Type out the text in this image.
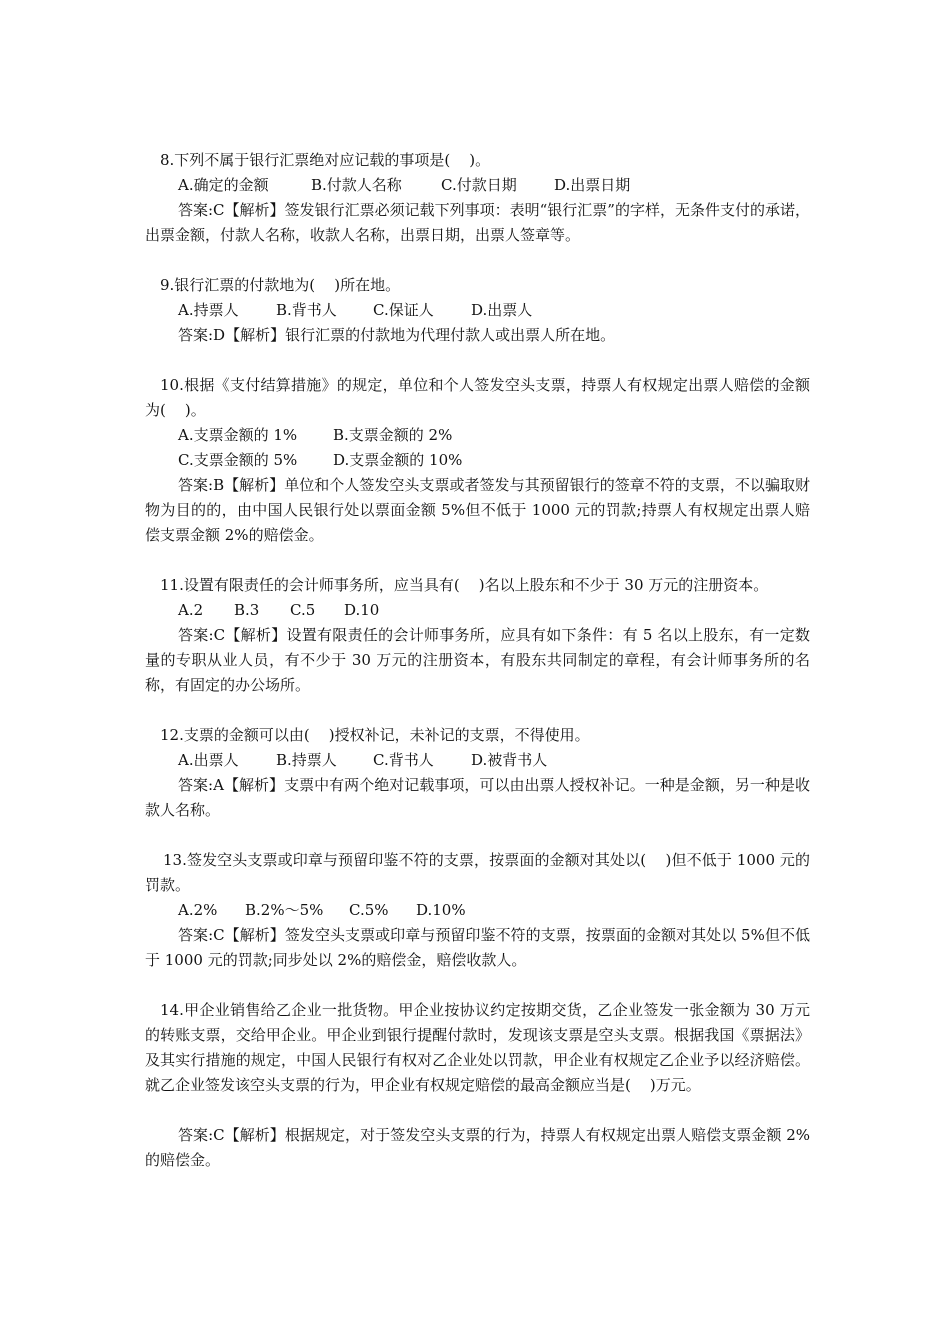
8.下列不属于银行汇票绝对应记载的事项是(    )。

A.确定的金额	B.付款人名称	C.付款日期 D.出票日期

答案:C【解析】签发银行汇票必须记载下列事项：表明“银行汇票”的字样，无条件支付的承诺，出票金额，付款人名称，收款人名称，出票日期，出票人签章等。

9.银行汇票的付款地为(    )所在地。

A.持票人 B.背书人 C.保证人 D.出票人

答案:D【解析】银行汇票的付款地为代理付款人或出票人所在地。

10.根据《支付结算措施》的规定，单位和个人签发空头支票，持票人有权规定出票人赔偿的金额为(    )。

A.支票金额的 1% B.支票金额的 2%

C.支票金额的 5% D.支票金额的 10%

答案:B【解析】单位和个人签发空头支票或者签发与其预留银行的签章不符的支票，不以骗取财物为目的的，由中国人民银行处以票面金额 5%但不低于 1000 元的罚款;持票人有权规定出票人赔偿支票金额 2%的赔偿金。

11.设置有限责任的会计师事务所，应当具有(    )名以上股东和不少于 30 万元的注册资本。

A.2 B.3 C.5 D.10

答案:C【解析】设置有限责任的会计师事务所，应具有如下条件：有 5 名以上股东，有一定数量的专职从业人员，有不少于 30 万元的注册资本，有股东共同制定的章程，有会计师事务所的名称，有固定的办公场所。

12.支票的金额可以由(    )授权补记，未补记的支票，不得使用。

A.出票人 B.持票人 C.背书人 D.被背书人

答案:A【解析】支票中有两个绝对记载事项，可以由出票人授权补记。一种是金额，另一种是收款人名称。

13.签发空头支票或印章与预留印鉴不符的支票，按票面的金额对其处以(    )但不低于 1000 元的罚款。

A.2% B.2%～5% C.5% D.10%

答案:C【解析】签发空头支票或印章与预留印鉴不符的支票，按票面的金额对其处以 5%但不低于 1000 元的罚款;同步处以 2%的赔偿金，赔偿收款人。

14.甲企业销售给乙企业一批货物。甲企业按协议约定按期交货，乙企业签发一张金额为 30 万元的转账支票，交给甲企业。甲企业到银行提醒付款时，发现该支票是空头支票。根据我国《票据法》及其实行措施的规定，中国人民银行有权对乙企业处以罚款，甲企业有权规定乙企业予以经济赔偿。就乙企业签发该空头支票的行为，甲企业有权规定赔偿的最高金额应当是(    )万元。

答案:C【解析】根据规定，对于签发空头支票的行为，持票人有权规定出票人赔偿支票金额 2%的赔偿金。
